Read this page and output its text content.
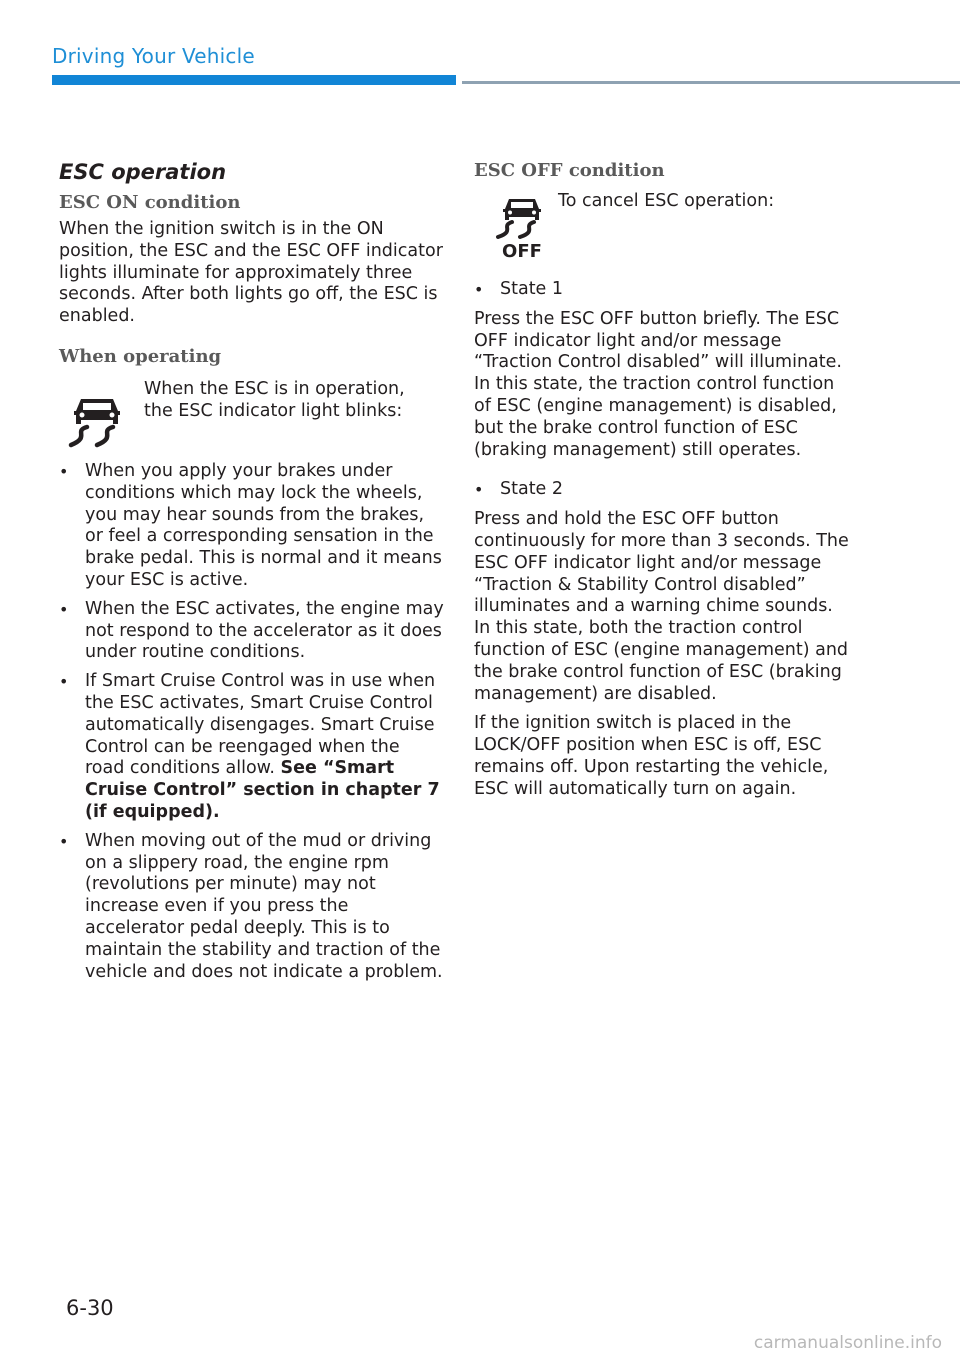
Driving Your Vehicle
ESC operation
ESC ON condition

When the ignition switch is in the ON position, the ESC and the ESC OFF indicator lights illuminate for approximately three seconds. After both lights go off, the ESC is enabled.

When operating

When the ESC is in operation, the ESC indicator light blinks:

• When you apply your brakes under conditions which may lock the wheels, you may hear sounds from the brakes, or feel a corresponding sensation in the brake pedal. This is normal and it means your ESC is active.
• When the ESC activates, the engine may not respond to the accelerator as it does under routine conditions.
• If Smart Cruise Control was in use when the ESC activates, Smart Cruise Control automatically disengages. Smart Cruise Control can be reengaged when the road conditions allow. See “Smart Cruise Control” section in chapter 7 (if equipped).
• When moving out of the mud or driving on a slippery road, the engine rpm (revolutions per minute) may not increase even if you press the accelerator pedal deeply. This is to maintain the stability and traction of the vehicle and does not indicate a problem.
ESC OFF condition
OFF

To cancel ESC operation:

• State 1

Press the ESC OFF button briefly. The ESC OFF indicator light and/or message “Traction Control disabled” will illuminate. In this state, the traction control function of ESC (engine management) is disabled, but the brake control function of ESC (braking management) still operates.

• State 2

Press and hold the ESC OFF button continuously for more than 3 seconds. The ESC OFF indicator light and/or message “Traction & Stability Control disabled” illuminates and a warning chime sounds. In this state, both the traction control function of ESC (engine management) and the brake control function of ESC (braking management) are disabled.

If the ignition switch is placed in the LOCK/OFF position when ESC is off, ESC remains off. Upon restarting the vehicle, ESC will automatically turn on again.

6-30
carmanualsonline.info
